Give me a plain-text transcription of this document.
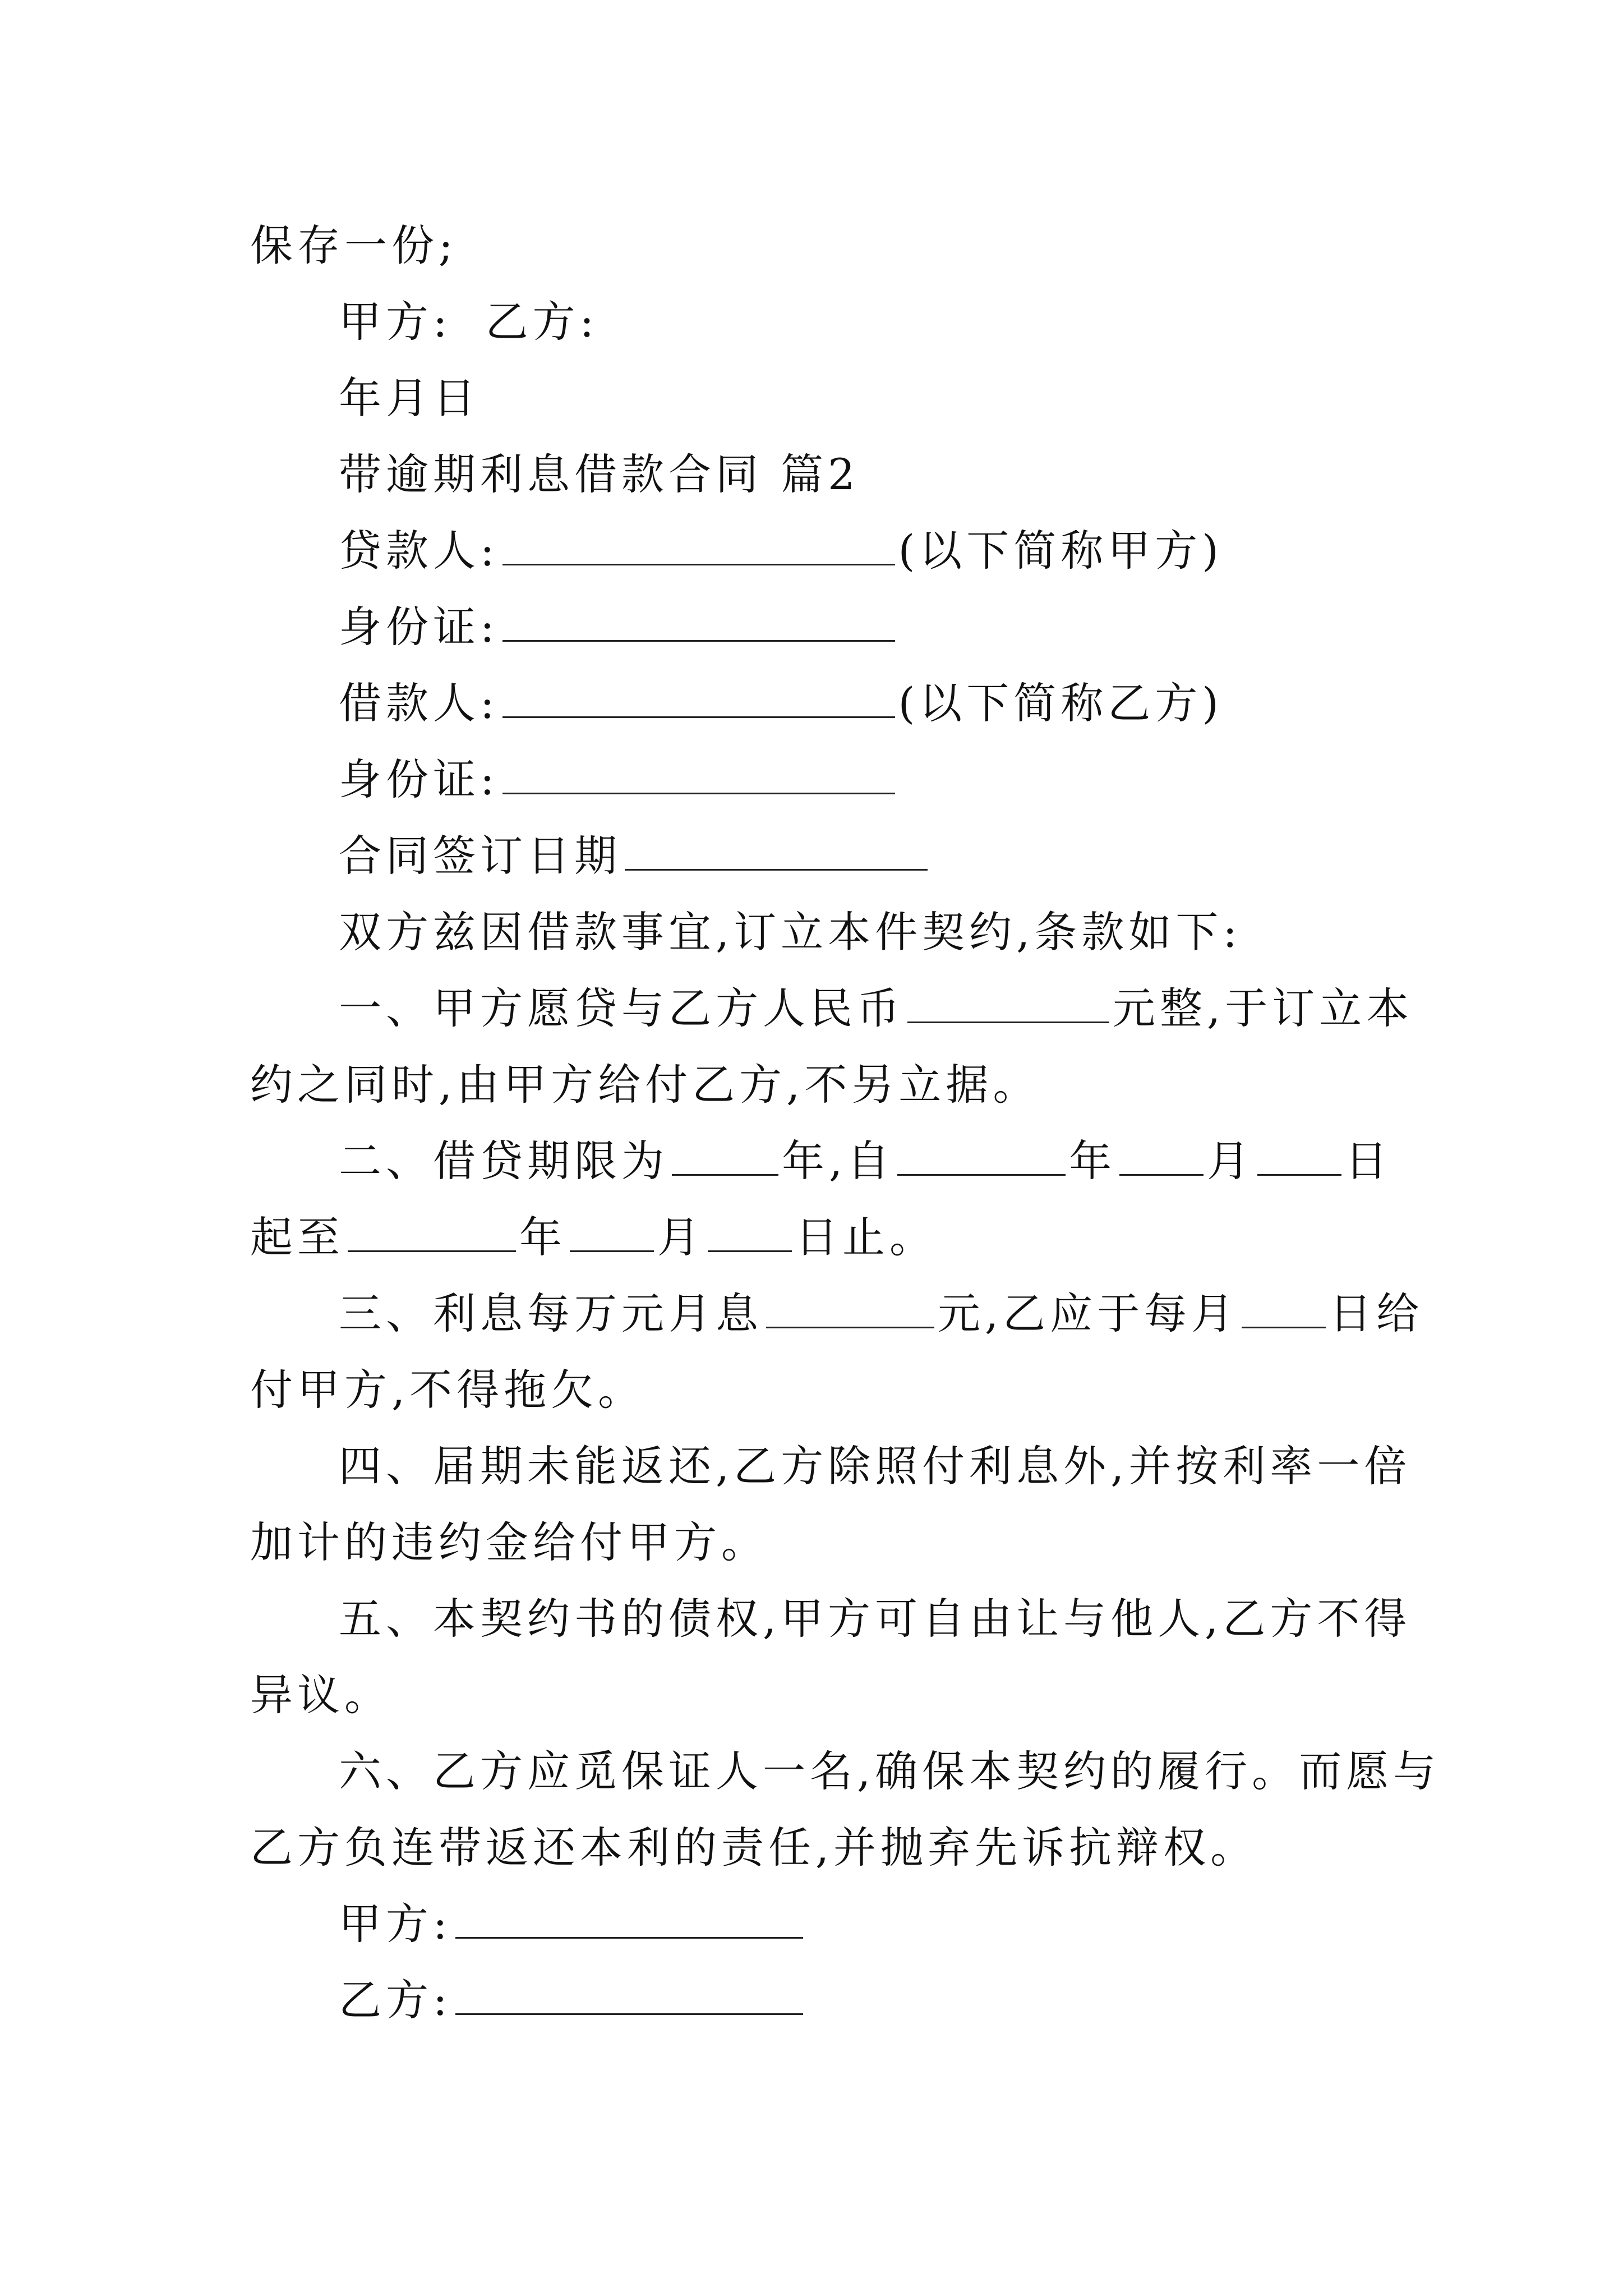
保存一份;
甲方: 乙方:
年月日
带逾期利息借款合同 篇2
贷款人:	(以下简称甲方)
身份证:
借款人:	(以下简称乙方)
身份证:
合同签订日期
双方兹因借款事宜,订立本件契约,条款如下:
一、甲方愿贷与乙方人民币	元整,于订立本
约之同时,由甲方给付乙方,不另立据。
二、借贷期限为	年,自	年 月 日
起至	年 月 日止。
三、利息每万元月息	元,乙应于每月 日给
付甲方,不得拖欠。
四、届期未能返还,乙方除照付利息外,并按利率一倍
加计的违约金给付甲方。
五、本契约书的债权,甲方可自由让与他人,乙方不得
异议。
六、乙方应觅保证人一名,确保本契约的履行。而愿与
乙方负连带返还本利的责任,并抛弃先诉抗辩权。
甲方:
乙方:
